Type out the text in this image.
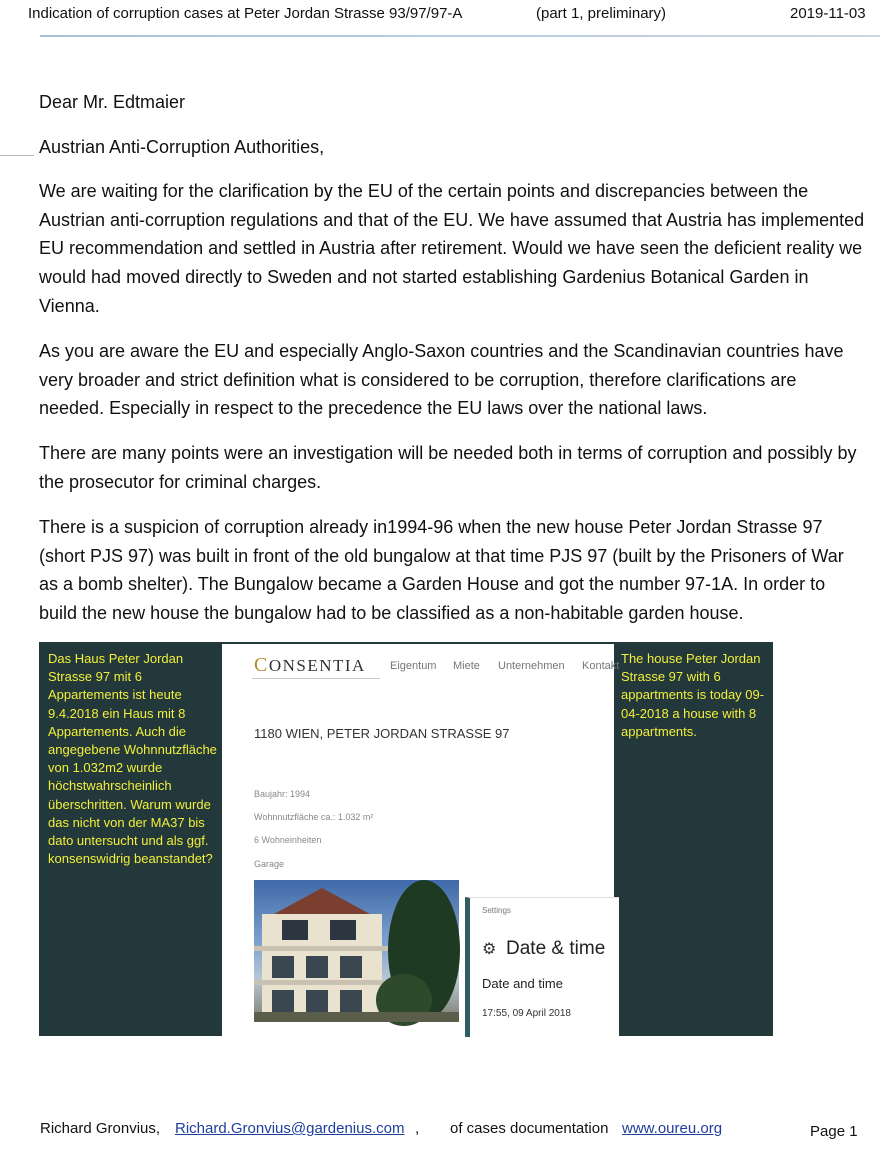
Indication of corruption cases at Peter Jordan Strasse 93/97/97-A	(part 1, preliminary)	2019-11-03
Dear Mr. Edtmaier
Austrian Anti-Corruption Authorities,
We are waiting for the clarification by the EU of the certain points and discrepancies between the Austrian anti-corruption regulations and that of the EU. We have assumed that Austria has implemented EU recommendation and settled in Austria after retirement. Would we have seen the deficient reality we would had moved directly to Sweden and not started establishing Gardenius Botanical Garden in Vienna.
As you are aware the EU and especially Anglo-Saxon countries and the Scandinavian countries have very broader and strict definition what is considered to be corruption, therefore clarifications are needed. Especially in respect to the precedence the EU laws over the national laws.
There are many points were an investigation will be needed both in terms of corruption and possibly by the prosecutor for criminal charges.
There is a suspicion of corruption already in1994-96 when the new house Peter Jordan Strasse 97 (short PJS 97) was built in front of the old bungalow at that time PJS 97 (built by the Prisoners of War as a bomb shelter). The Bungalow became a Garden House and got the number 97-1A. In order to build the new house the bungalow had to be classified as a non-habitable garden house.
Das Haus Peter Jordan Strasse 97 mit 6 Appartements ist heute 9.4.2018 ein Haus mit 8 Appartements. Auch die angegebene Wohnnutzfläche von 1.032m2 wurde höchstwahrscheinlich überschritten. Warum wurde das nicht von der MA37 bis dato untersucht und als ggf. konsenswidrig beanstandet?
CONSENTIA Eigentum Miete Unternehmen Kontakt
1180 WIEN, PETER JORDAN STRASSE 97
Baujahr: 1994
Wohnnutzfläche ca.: 1.032 m²
6 Wohneinheiten
Garage
Settings
⚙ Date & time
Date and time
17:55, 09 April 2018
The house Peter Jordan Strasse 97 with 6 appartments is today 09-04-2018 a house with 8 appartments.
Richard Gronvius, Richard.Gronvius@gardenius.com , of cases documentation www.oureu.org	Page 1
